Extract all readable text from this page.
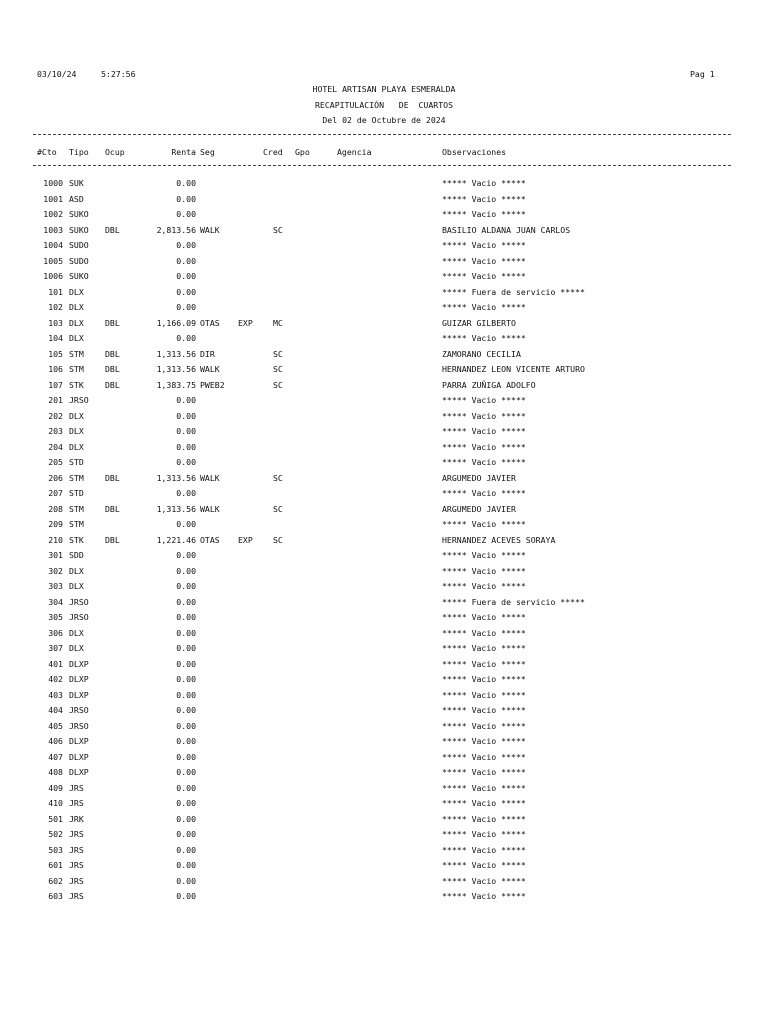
03/10/24	5:27:56	Pag 1
HOTEL ARTISAN PLAYA ESMERALDA
RECAPITULACIÓN   DE  CUARTOS
Del 02 de Octubre de 2024
#Cto Tipo Ocup	Renta Seg	Cred Gpo	Agencia	Observaciones
1000 SUK	0.00	***** Vacio *****
1001 ASD	0.00	***** Vacio *****
1002 SUKO	0.00	***** Vacio *****
1003 SUKO DBL	2,813.56 WALK	SC	BASILIO ALDANA JUAN CARLOS
1004 SUDO	0.00	***** Vacio *****
1005 SUDO	0.00	***** Vacio *****
1006 SUKO	0.00	***** Vacio *****
101 DLX	0.00	***** Fuera de servicio *****
102 DLX	0.00	***** Vacio *****
103 DLX	DBL	1,166.09 OTAS EXP MC	GUIZAR GILBERTO
104 DLX	0.00	***** Vacio *****
105 STM	DBL	1,313.56 DIR	SC	ZAMORANO CECILIA
106 STM	DBL	1,313.56 WALK	SC	HERNANDEZ LEON VICENTE ARTURO
107 STK	DBL	1,383.75 PWEB2	SC	PARRA ZUÑIGA ADOLFO
201 JRSO	0.00	***** Vacio *****
202 DLX	0.00	***** Vacio *****
203 DLX	0.00	***** Vacio *****
204 DLX	0.00	***** Vacio *****
205 STD	0.00	***** Vacio *****
206 STM	DBL	1,313.56 WALK	SC	ARGUMEDO JAVIER
207 STD	0.00	***** Vacio *****
208 STM	DBL	1,313.56 WALK	SC	ARGUMEDO JAVIER
209 STM	0.00	***** Vacio *****
210 STK	DBL	1,221.46 OTAS EXP SC	HERNANDEZ ACEVES SORAYA
301 SDD	0.00	***** Vacio *****
302 DLX	0.00	***** Vacio *****
303 DLX	0.00	***** Vacio *****
304 JRSO	0.00	***** Fuera de servicio *****
305 JRSO	0.00	***** Vacio *****
306 DLX	0.00	***** Vacio *****
307 DLX	0.00	***** Vacio *****
401 DLXP	0.00	***** Vacio *****
402 DLXP	0.00	***** Vacio *****
403 DLXP	0.00	***** Vacio *****
404 JRSO	0.00	***** Vacio *****
405 JRSO	0.00	***** Vacio *****
406 DLXP	0.00	***** Vacio *****
407 DLXP	0.00	***** Vacio *****
408 DLXP	0.00	***** Vacio *****
409 JRS	0.00	***** Vacio *****
410 JRS	0.00	***** Vacio *****
501 JRK	0.00	***** Vacio *****
502 JRS	0.00	***** Vacio *****
503 JRS	0.00	***** Vacio *****
601 JRS	0.00	***** Vacio *****
602 JRS	0.00	***** Vacio *****
603 JRS	0.00	***** Vacio *****
